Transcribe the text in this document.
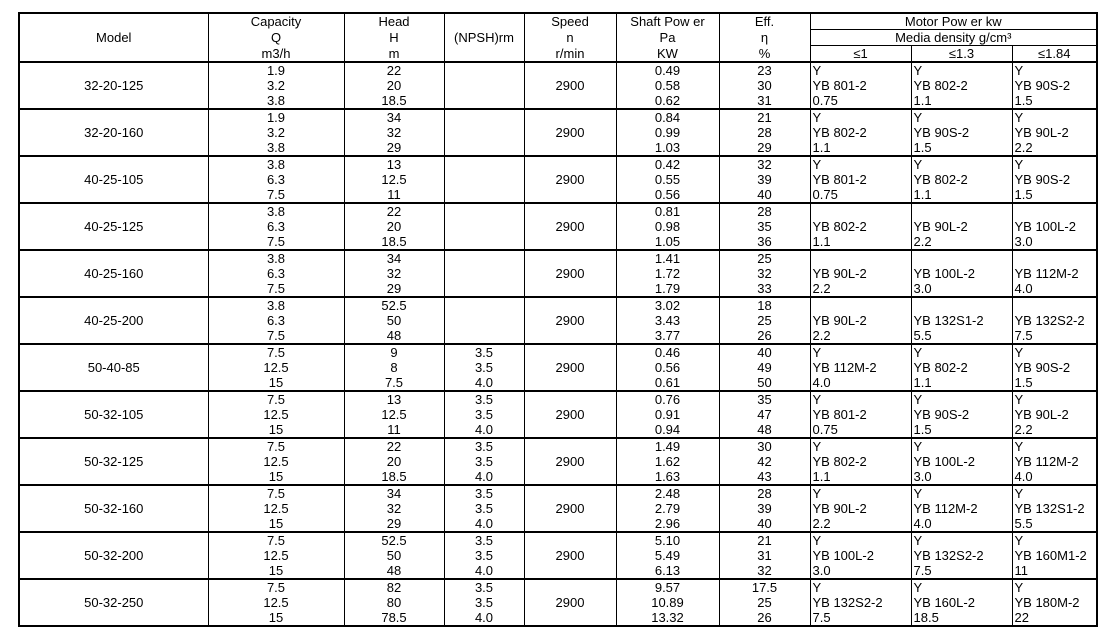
Model	Capacity	Head	(NPSH)rm	Speed	Shaft Pow er	Eff.	Motor Pow er kw		
	Q	H		n	Pa	η	Media density g/cm³		
	m3/h	m		r/min	KW	%	≤1	≤1.3	≤1.84
32-20-125	1.9	22		2900	0.49	23	Y	Y	Y
	3.2	20			0.58	30	YB 801-2	YB 802-2	YB 90S-2
	3.8	18.5			0.62	31	0.75	1.1	1.5
32-20-160	1.9	34		2900	0.84	21	Y	Y	Y
	3.2	32			0.99	28	YB 802-2	YB 90S-2	YB 90L-2
	3.8	29			1.03	29	1.1	1.5	2.2
40-25-105	3.8	13		2900	0.42	32	Y	Y	Y
	6.3	12.5			0.55	39	YB 801-2	YB 802-2	YB 90S-2
	7.5	11			0.56	40	0.75	1.1	1.5
40-25-125	3.8	22		2900	0.81	28			
	6.3	20			0.98	35	YB 802-2	YB 90L-2	YB 100L-2
	7.5	18.5			1.05	36	1.1	2.2	3.0
40-25-160	3.8	34		2900	1.41	25			
	6.3	32			1.72	32	YB 90L-2	YB 100L-2	YB 112M-2
	7.5	29			1.79	33	2.2	3.0	4.0
40-25-200	3.8	52.5		2900	3.02	18			
	6.3	50			3.43	25	YB 90L-2	YB 132S1-2	YB 132S2-2
	7.5	48			3.77	26	2.2	5.5	7.5
50-40-85	7.5	9	3.5	2900	0.46	40	Y	Y	Y
	12.5	8	3.5		0.56	49	YB 112M-2	YB 802-2	YB 90S-2
	15	7.5	4.0		0.61	50	4.0	1.1	1.5
50-32-105	7.5	13	3.5	2900	0.76	35	Y	Y	Y
	12.5	12.5	3.5		0.91	47	YB 801-2	YB 90S-2	YB 90L-2
	15	11	4.0		0.94	48	0.75	1.5	2.2
50-32-125	7.5	22	3.5	2900	1.49	30	Y	Y	Y
	12.5	20	3.5		1.62	42	YB 802-2	YB 100L-2	YB 112M-2
	15	18.5	4.0		1.63	43	1.1	3.0	4.0
50-32-160	7.5	34	3.5	2900	2.48	28	Y	Y	Y
	12.5	32	3.5		2.79	39	YB 90L-2	YB 112M-2	YB 132S1-2
	15	29	4.0		2.96	40	2.2	4.0	5.5
50-32-200	7.5	52.5	3.5	2900	5.10	21	Y	Y	Y
	12.5	50	3.5		5.49	31	YB 100L-2	YB 132S2-2	YB 160M1-2
	15	48	4.0		6.13	32	3.0	7.5	11
50-32-250	7.5	82	3.5	2900	9.57	17.5	Y	Y	Y
	12.5	80	3.5		10.89	25	YB 132S2-2	YB 160L-2	YB 180M-2
	15	78.5	4.0		13.32	26	7.5	18.5	22
